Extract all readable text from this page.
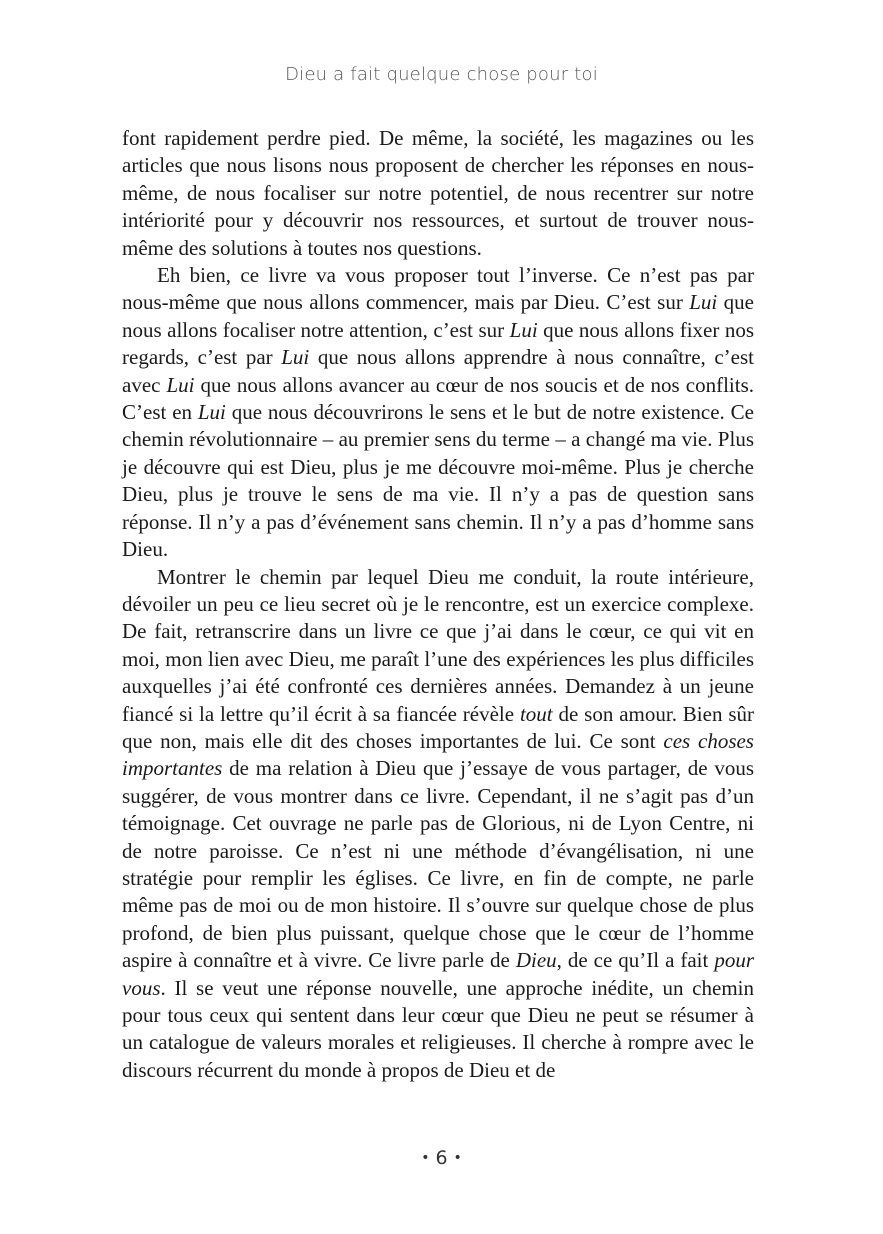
Dieu a fait quelque chose pour toi

font rapidement perdre pied. De même, la société, les magazines ou les articles que nous lisons nous proposent de chercher les réponses en nous-même, de nous focaliser sur notre potentiel, de nous recentrer sur notre intériorité pour y découvrir nos ressources, et surtout de trouver nous-même des solutions à toutes nos questions.

Eh bien, ce livre va vous proposer tout l’inverse. Ce n’est pas par nous-même que nous allons commencer, mais par Dieu. C’est sur Lui que nous allons focaliser notre attention, c’est sur Lui que nous allons fixer nos regards, c’est par Lui que nous allons apprendre à nous connaître, c’est avec Lui que nous allons avancer au cœur de nos soucis et de nos conflits. C’est en Lui que nous découvrirons le sens et le but de notre existence. Ce chemin révolutionnaire – au premier sens du terme – a changé ma vie. Plus je découvre qui est Dieu, plus je me découvre moi-même. Plus je cherche Dieu, plus je trouve le sens de ma vie. Il n’y a pas de question sans réponse. Il n’y a pas d’événement sans chemin. Il n’y a pas d’homme sans Dieu.

Montrer le chemin par lequel Dieu me conduit, la route intérieure, dévoiler un peu ce lieu secret où je le rencontre, est un exercice complexe. De fait, retranscrire dans un livre ce que j’ai dans le cœur, ce qui vit en moi, mon lien avec Dieu, me paraît l’une des expériences les plus difficiles auxquelles j’ai été confronté ces dernières années. Demandez à un jeune fiancé si la lettre qu’il écrit à sa fiancée révèle tout de son amour. Bien sûr que non, mais elle dit des choses importantes de lui. Ce sont ces choses importantes de ma relation à Dieu que j’essaye de vous partager, de vous suggérer, de vous montrer dans ce livre. Cependant, il ne s’agit pas d’un témoignage. Cet ouvrage ne parle pas de Glorious, ni de Lyon Centre, ni de notre paroisse. Ce n’est ni une méthode d’évangélisation, ni une stratégie pour remplir les églises. Ce livre, en fin de compte, ne parle même pas de moi ou de mon histoire. Il s’ouvre sur quelque chose de plus profond, de bien plus puissant, quelque chose que le cœur de l’homme aspire à connaître et à vivre. Ce livre parle de Dieu, de ce qu’Il a fait pour vous. Il se veut une réponse nouvelle, une approche inédite, un chemin pour tous ceux qui sentent dans leur cœur que Dieu ne peut se résumer à un catalogue de valeurs morales et religieuses. Il cherche à rompre avec le discours récurrent du monde à propos de Dieu et de

• 6 •
